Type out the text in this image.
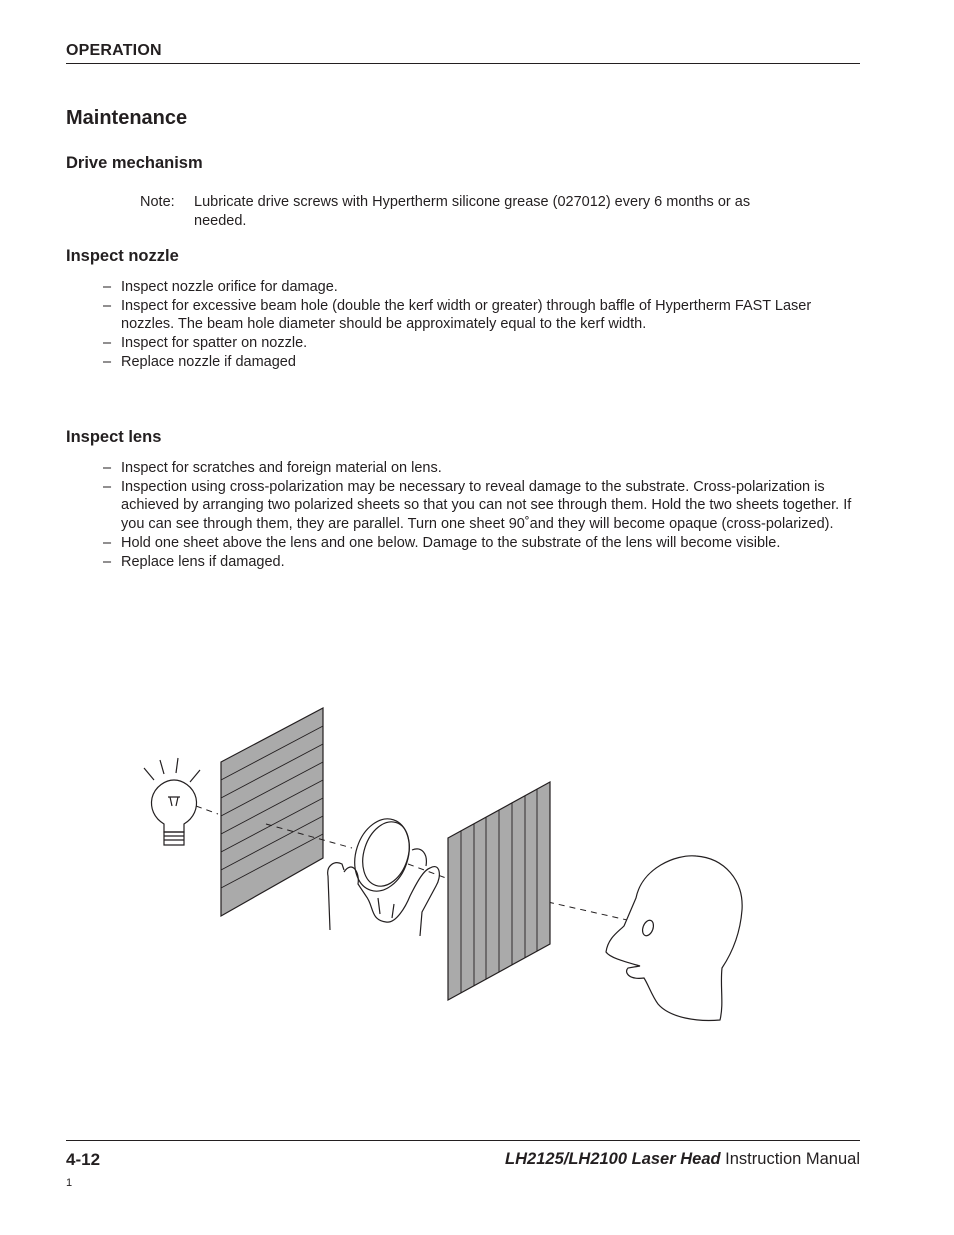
OPERATION
Maintenance
Drive mechanism
Note:	Lubricate drive screws with Hypertherm silicone grease (027012) every 6 months or as needed.
Inspect nozzle
– Inspect nozzle orifice for damage.
– Inspect for excessive beam hole (double the kerf width or greater) through baffle of Hypertherm FAST Laser nozzles. The beam hole diameter should be approximately equal to the kerf width.
– Inspect for spatter on nozzle.
– Replace nozzle if damaged
Inspect lens
– Inspect for scratches and foreign material on lens.
– Inspection using cross-polarization may be necessary to reveal damage to the substrate. Cross-polarization is achieved by arranging two polarized sheets so that you can not see through them. Hold the two sheets together. If you can see through them, they are parallel. Turn one sheet 90˚and they will become opaque (cross-polarized).
– Hold one sheet above the lens and one below. Damage to the substrate of the lens will become visible.
– Replace lens if damaged.
4-12	LH2125/LH2100 Laser Head Instruction Manual
1
